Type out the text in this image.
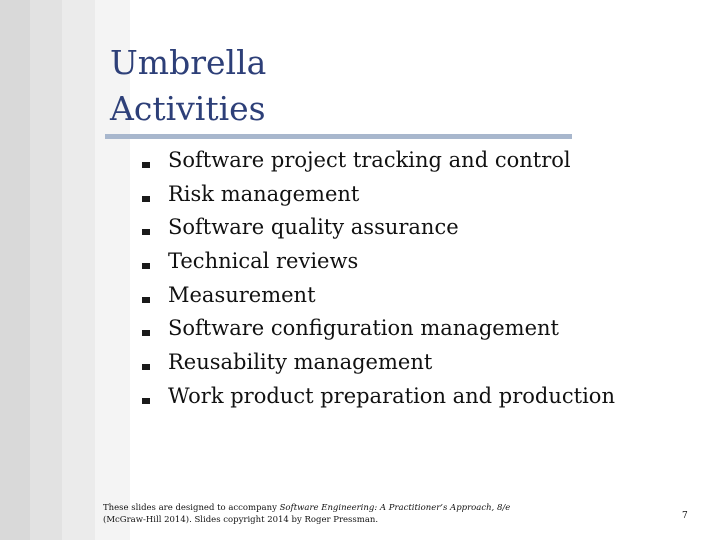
Umbrella
Activities
Software project tracking and control
Risk management
Software quality assurance
Technical reviews
Measurement
Software configuration management
Reusability management
Work product preparation and production
These slides are designed to accompany Software Engineering: A Practitioner’s Approach, 8/e (McGraw-Hill 2014). Slides copyright 2014 by Roger Pressman.	7
